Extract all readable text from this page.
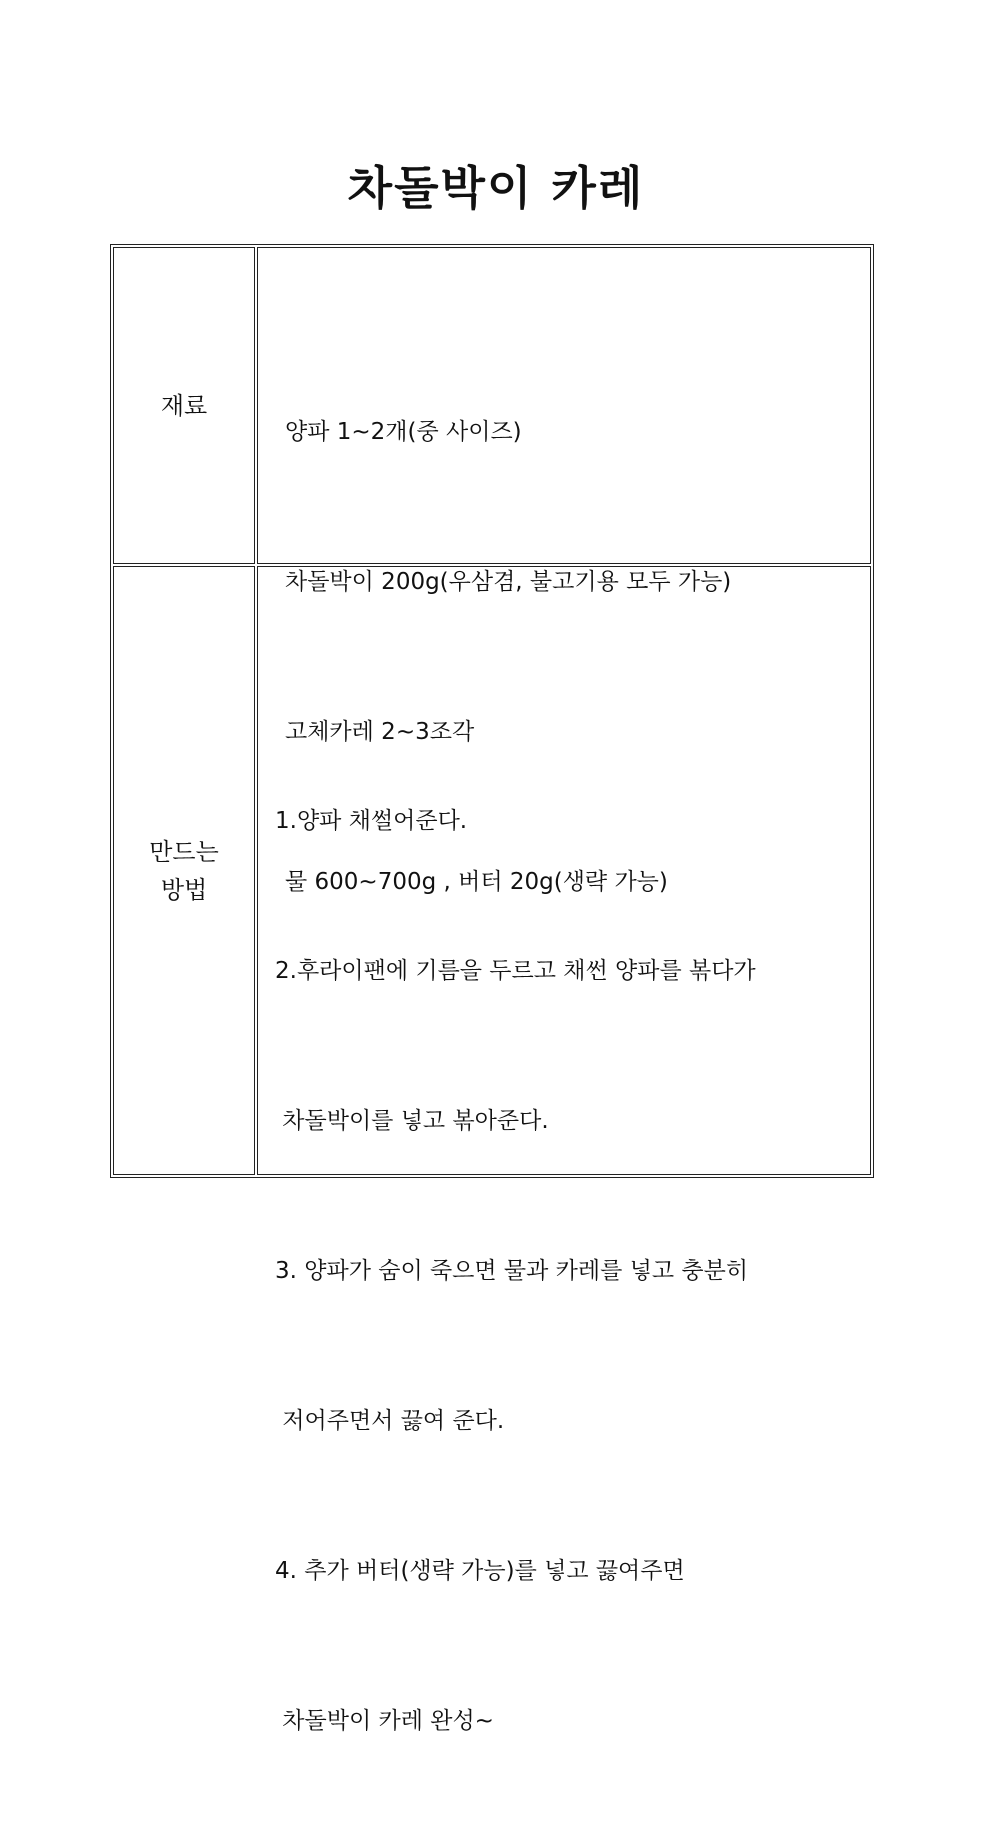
차돌박이 카레
재료

양파 1~2개(중 사이즈)

차돌박이 200g(우삼겸, 불고기용 모두 가능)

고체카레 2~3조각

물 600~700g , 버터 20g(생략 가능)

만드는
방법

1.양파 채썰어준다.

2.후라이팬에 기름을 두르고 채썬 양파를 볶다가

차돌박이를 넣고 볶아준다.

3. 양파가 숨이 죽으면 물과 카레를 넣고 충분히

저어주면서 끓여 준다.

4. 추가 버터(생략 가능)를 넣고 끓여주면

차돌박이 카레 완성~
